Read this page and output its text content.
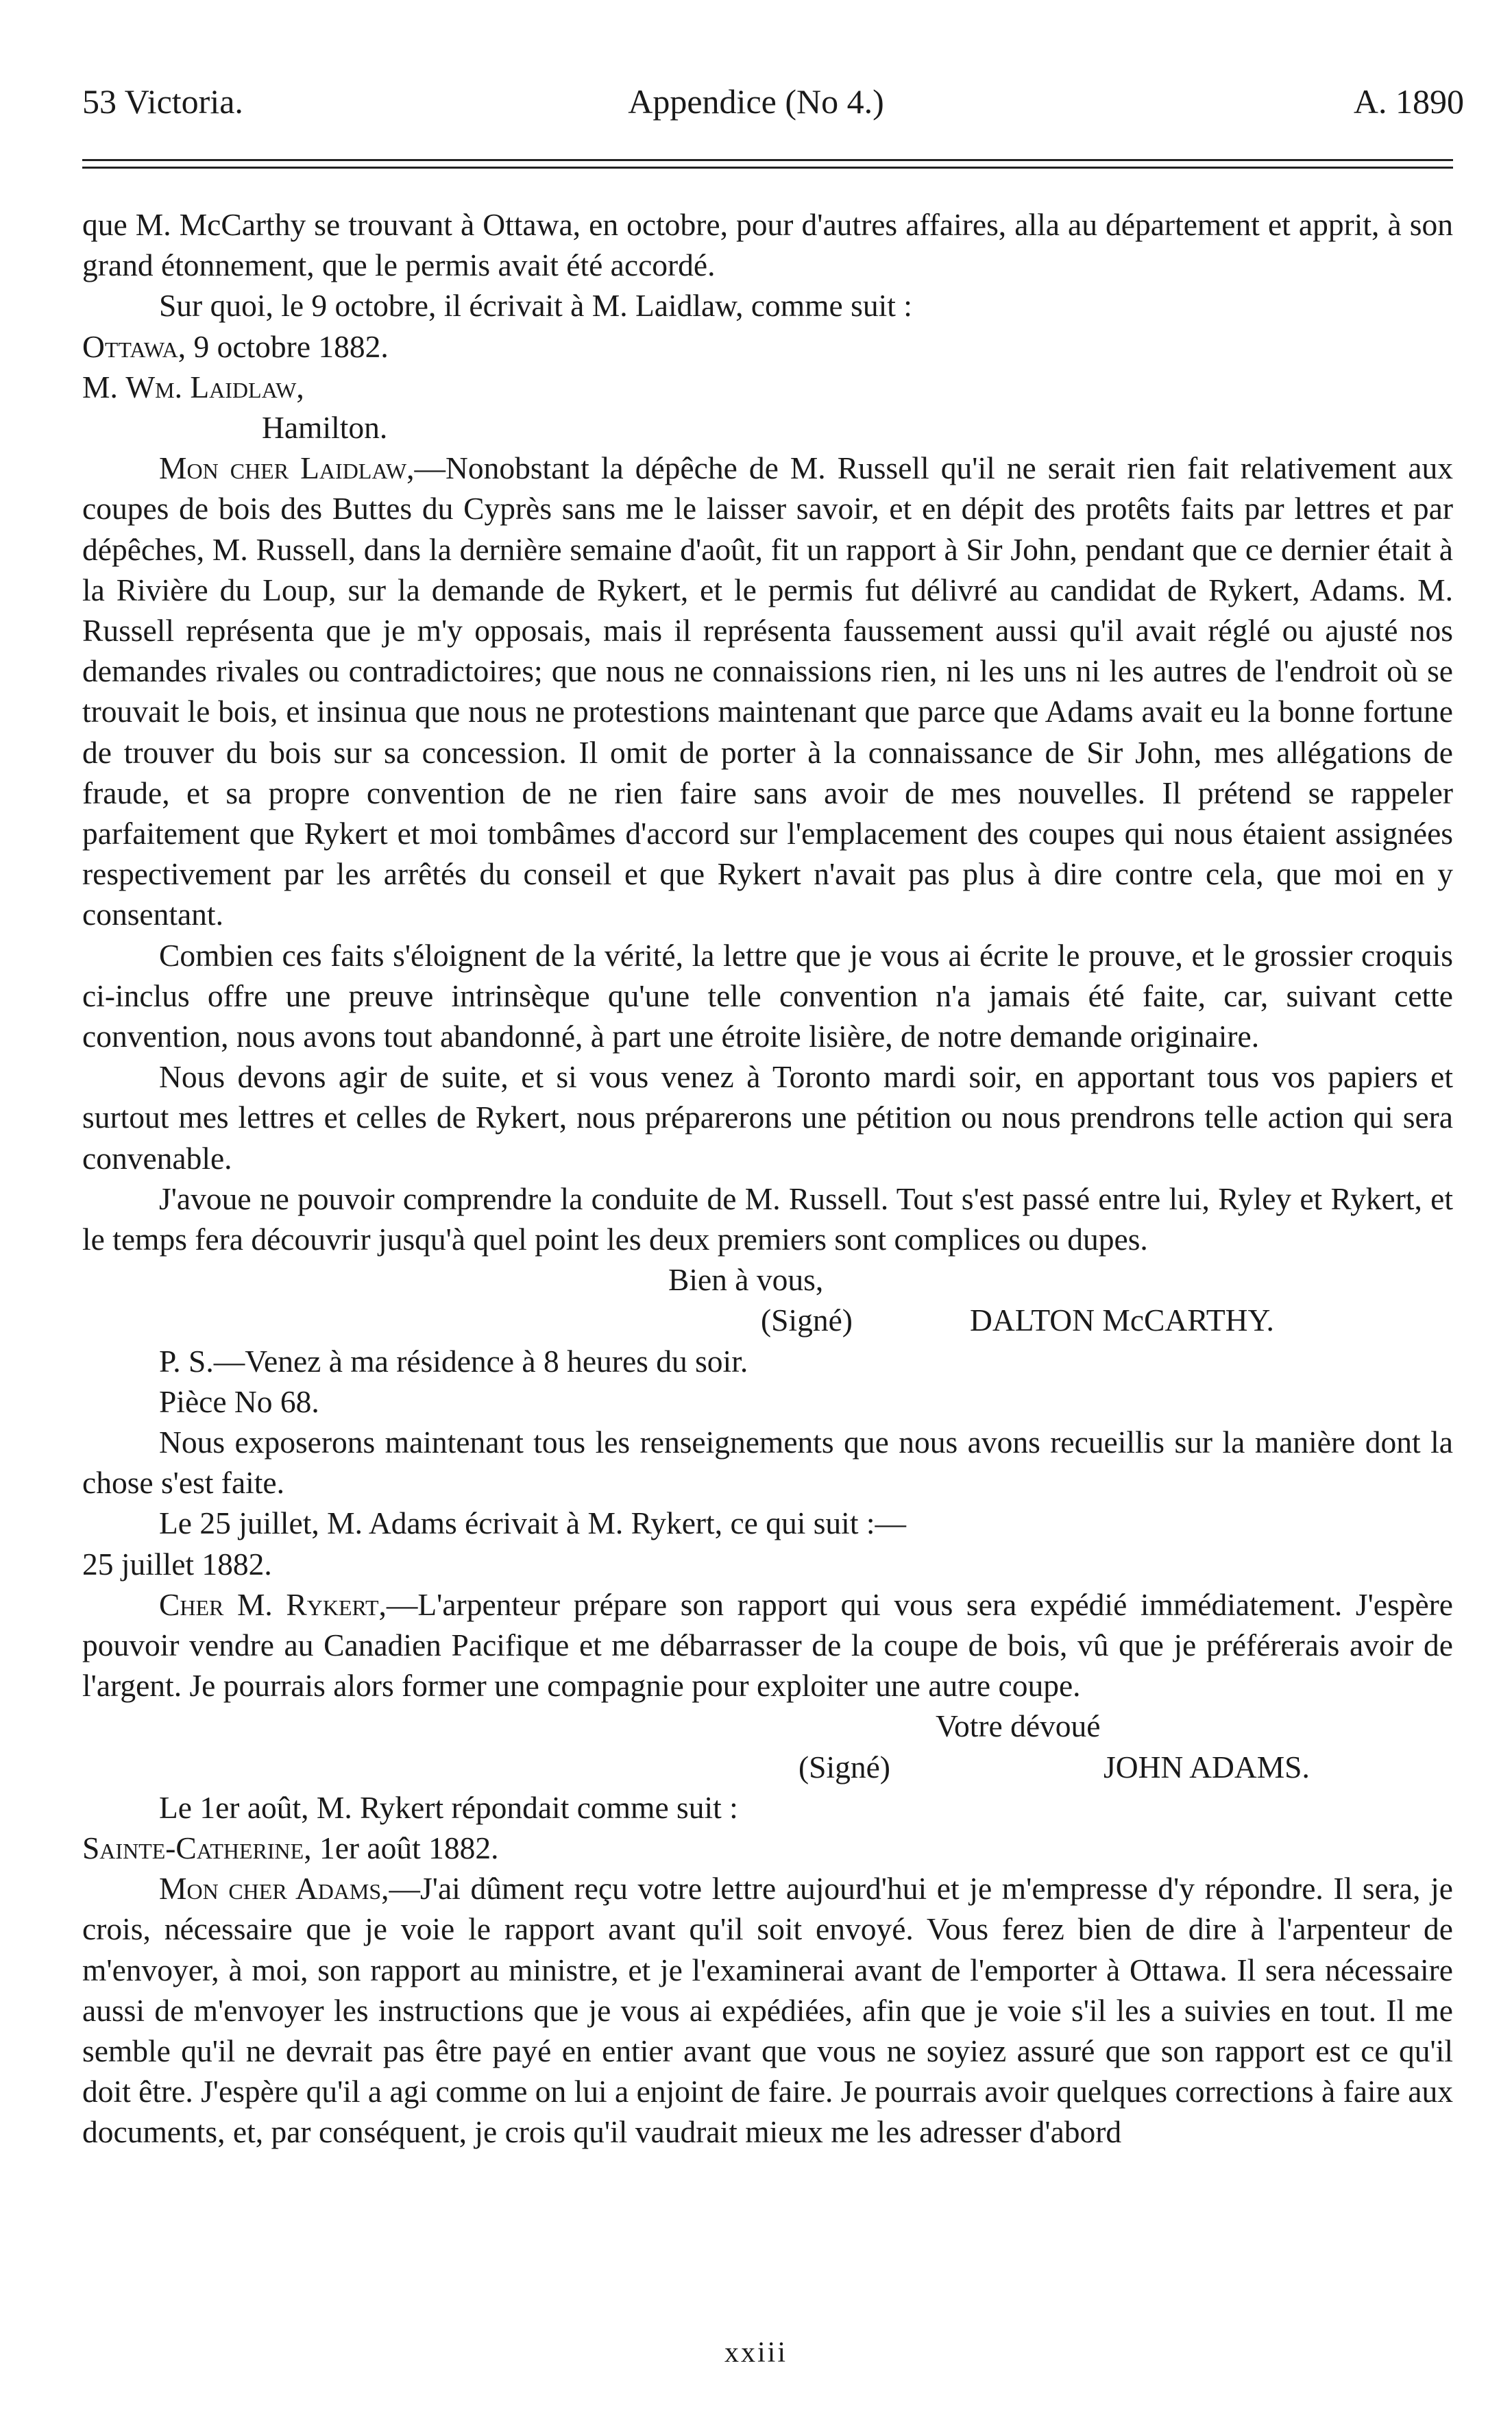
53 Victoria.	Appendice (No 4.)	A. 1890

que M. McCarthy se trouvant à Ottawa, en octobre, pour d'autres affaires, alla au département et apprit, à son grand étonnement, que le permis avait été accordé.

Sur quoi, le 9 octobre, il écrivait à M. Laidlaw, comme suit :

Ottawa, 9 octobre 1882.

M. Wm. Laidlaw,

Hamilton.

Mon cher Laidlaw,—Nonobstant la dépêche de M. Russell qu'il ne serait rien fait relativement aux coupes de bois des Buttes du Cyprès sans me le laisser savoir, et en dépit des protêts faits par lettres et par dépêches, M. Russell, dans la dernière semaine d'août, fit un rapport à Sir John, pendant que ce dernier était à la Rivière du Loup, sur la demande de Rykert, et le permis fut délivré au candidat de Rykert, Adams. M. Russell représenta que je m'y opposais, mais il représenta faussement aussi qu'il avait réglé ou ajusté nos demandes rivales ou contradictoires; que nous ne connaissions rien, ni les uns ni les autres de l'endroit où se trouvait le bois, et insinua que nous ne protestions maintenant que parce que Adams avait eu la bonne fortune de trouver du bois sur sa concession. Il omit de porter à la connaissance de Sir John, mes allégations de fraude, et sa propre convention de ne rien faire sans avoir de mes nouvelles. Il prétend se rappeler parfaitement que Rykert et moi tombâmes d'accord sur l'emplacement des coupes qui nous étaient assignées respectivement par les arrêtés du conseil et que Rykert n'avait pas plus à dire contre cela, que moi en y consentant.

Combien ces faits s'éloignent de la vérité, la lettre que je vous ai écrite le prouve, et le grossier croquis ci-inclus offre une preuve intrinsèque qu'une telle convention n'a jamais été faite, car, suivant cette convention, nous avons tout abandonné, à part une étroite lisière, de notre demande originaire.

Nous devons agir de suite, et si vous venez à Toronto mardi soir, en apportant tous vos papiers et surtout mes lettres et celles de Rykert, nous préparerons une pétition ou nous prendrons telle action qui sera convenable.

J'avoue ne pouvoir comprendre la conduite de M. Russell. Tout s'est passé entre lui, Ryley et Rykert, et le temps fera découvrir jusqu'à quel point les deux premiers sont complices ou dupes.

Bien à vous,
(Signé)	DALTON McCARTHY.

P. S.—Venez à ma résidence à 8 heures du soir.

Pièce No 68.

Nous exposerons maintenant tous les renseignements que nous avons recueillis sur la manière dont la chose s'est faite.

Le 25 juillet, M. Adams écrivait à M. Rykert, ce qui suit :—

25 juillet 1882.

Cher M. Rykert,—L'arpenteur prépare son rapport qui vous sera expédié immédiatement. J'espère pouvoir vendre au Canadien Pacifique et me débarrasser de la coupe de bois, vû que je préférerais avoir de l'argent. Je pourrais alors former une compagnie pour exploiter une autre coupe.

Votre dévoué
(Signé)	JOHN ADAMS.

Le 1er août, M. Rykert répondait comme suit :

Sainte-Catherine, 1er août 1882.

Mon cher Adams,—J'ai dûment reçu votre lettre aujourd'hui et je m'empresse d'y répondre. Il sera, je crois, nécessaire que je voie le rapport avant qu'il soit envoyé. Vous ferez bien de dire à l'arpenteur de m'envoyer, à moi, son rapport au ministre, et je l'examinerai avant de l'emporter à Ottawa. Il sera nécessaire aussi de m'envoyer les instructions que je vous ai expédiées, afin que je voie s'il les a suivies en tout. Il me semble qu'il ne devrait pas être payé en entier avant que vous ne soyiez assuré que son rapport est ce qu'il doit être. J'espère qu'il a agi comme on lui a enjoint de faire. Je pourrais avoir quelques corrections à faire aux documents, et, par conséquent, je crois qu'il vaudrait mieux me les adresser d'abord

xxiii
